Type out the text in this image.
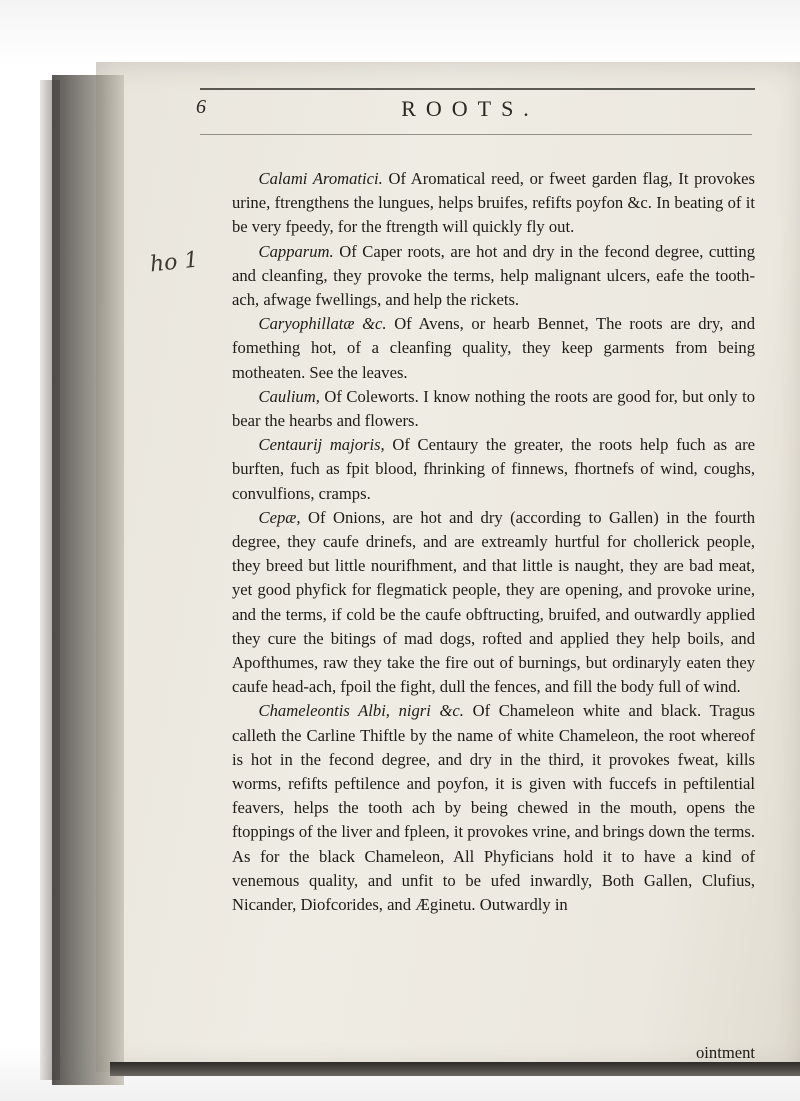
6	ROOTS.
ho 1

Calami Aromatici. Of Aromatical reed, or fweet garden flag, It provokes urine, ftrengthens the lungues, helps bruifes, refifts poyfon &c. In beating of it be very fpeedy, for the ftrength will quickly fly out.

Capparum. Of Caper roots, are hot and dry in the fecond degree, cutting and cleanfing, they provoke the terms, help malignant ulcers, eafe the tooth-ach, afwage fwellings, and help the rickets.

Caryophillatæ &c. Of Avens, or hearb Bennet, The roots are dry, and fomething hot, of a cleanfing quality, they keep garments from being motheaten. See the leaves.

Caulium, Of Coleworts. I know nothing the roots are good for, but only to bear the hearbs and flowers.

Centaurij majoris, Of Centaury the greater, the roots help fuch as are burften, fuch as fpit blood, fhrinking of finnews, fhortnefs of wind, coughs, convulfions, cramps.

Cepæ, Of Onions, are hot and dry (according to Gallen) in the fourth degree, they caufe drinefs, and are extreamly hurtful for chollerick people, they breed but little nourifhment, and that little is naught, they are bad meat, yet good phyfick for flegmatick people, they are opening, and provoke urine, and the terms, if cold be the caufe obftructing, bruifed, and outwardly applied they cure the bitings of mad dogs, rofted and applied they help boils, and Apofthumes, raw they take the fire out of burnings, but ordinaryly eaten they caufe head-ach, fpoil the fight, dull the fences, and fill the body full of wind.

Chameleontis Albi, nigri &c. Of Chameleon white and black. Tragus calleth the Carline Thiftle by the name of white Chameleon, the root whereof is hot in the fecond degree, and dry in the third, it provokes fweat, kills worms, refifts peftilence and poyfon, it is given with fuccefs in peftilential feavers, helps the tooth ach by being chewed in the mouth, opens the ftoppings of the liver and fpleen, it provokes vrine, and brings down the terms. As for the black Chameleon, All Phyficians hold it to have a kind of venemous quality, and unfit to be ufed inwardly, Both Gallen, Clufius, Nicander, Diofcorides, and Æginetu. Outwardly in

ointment
